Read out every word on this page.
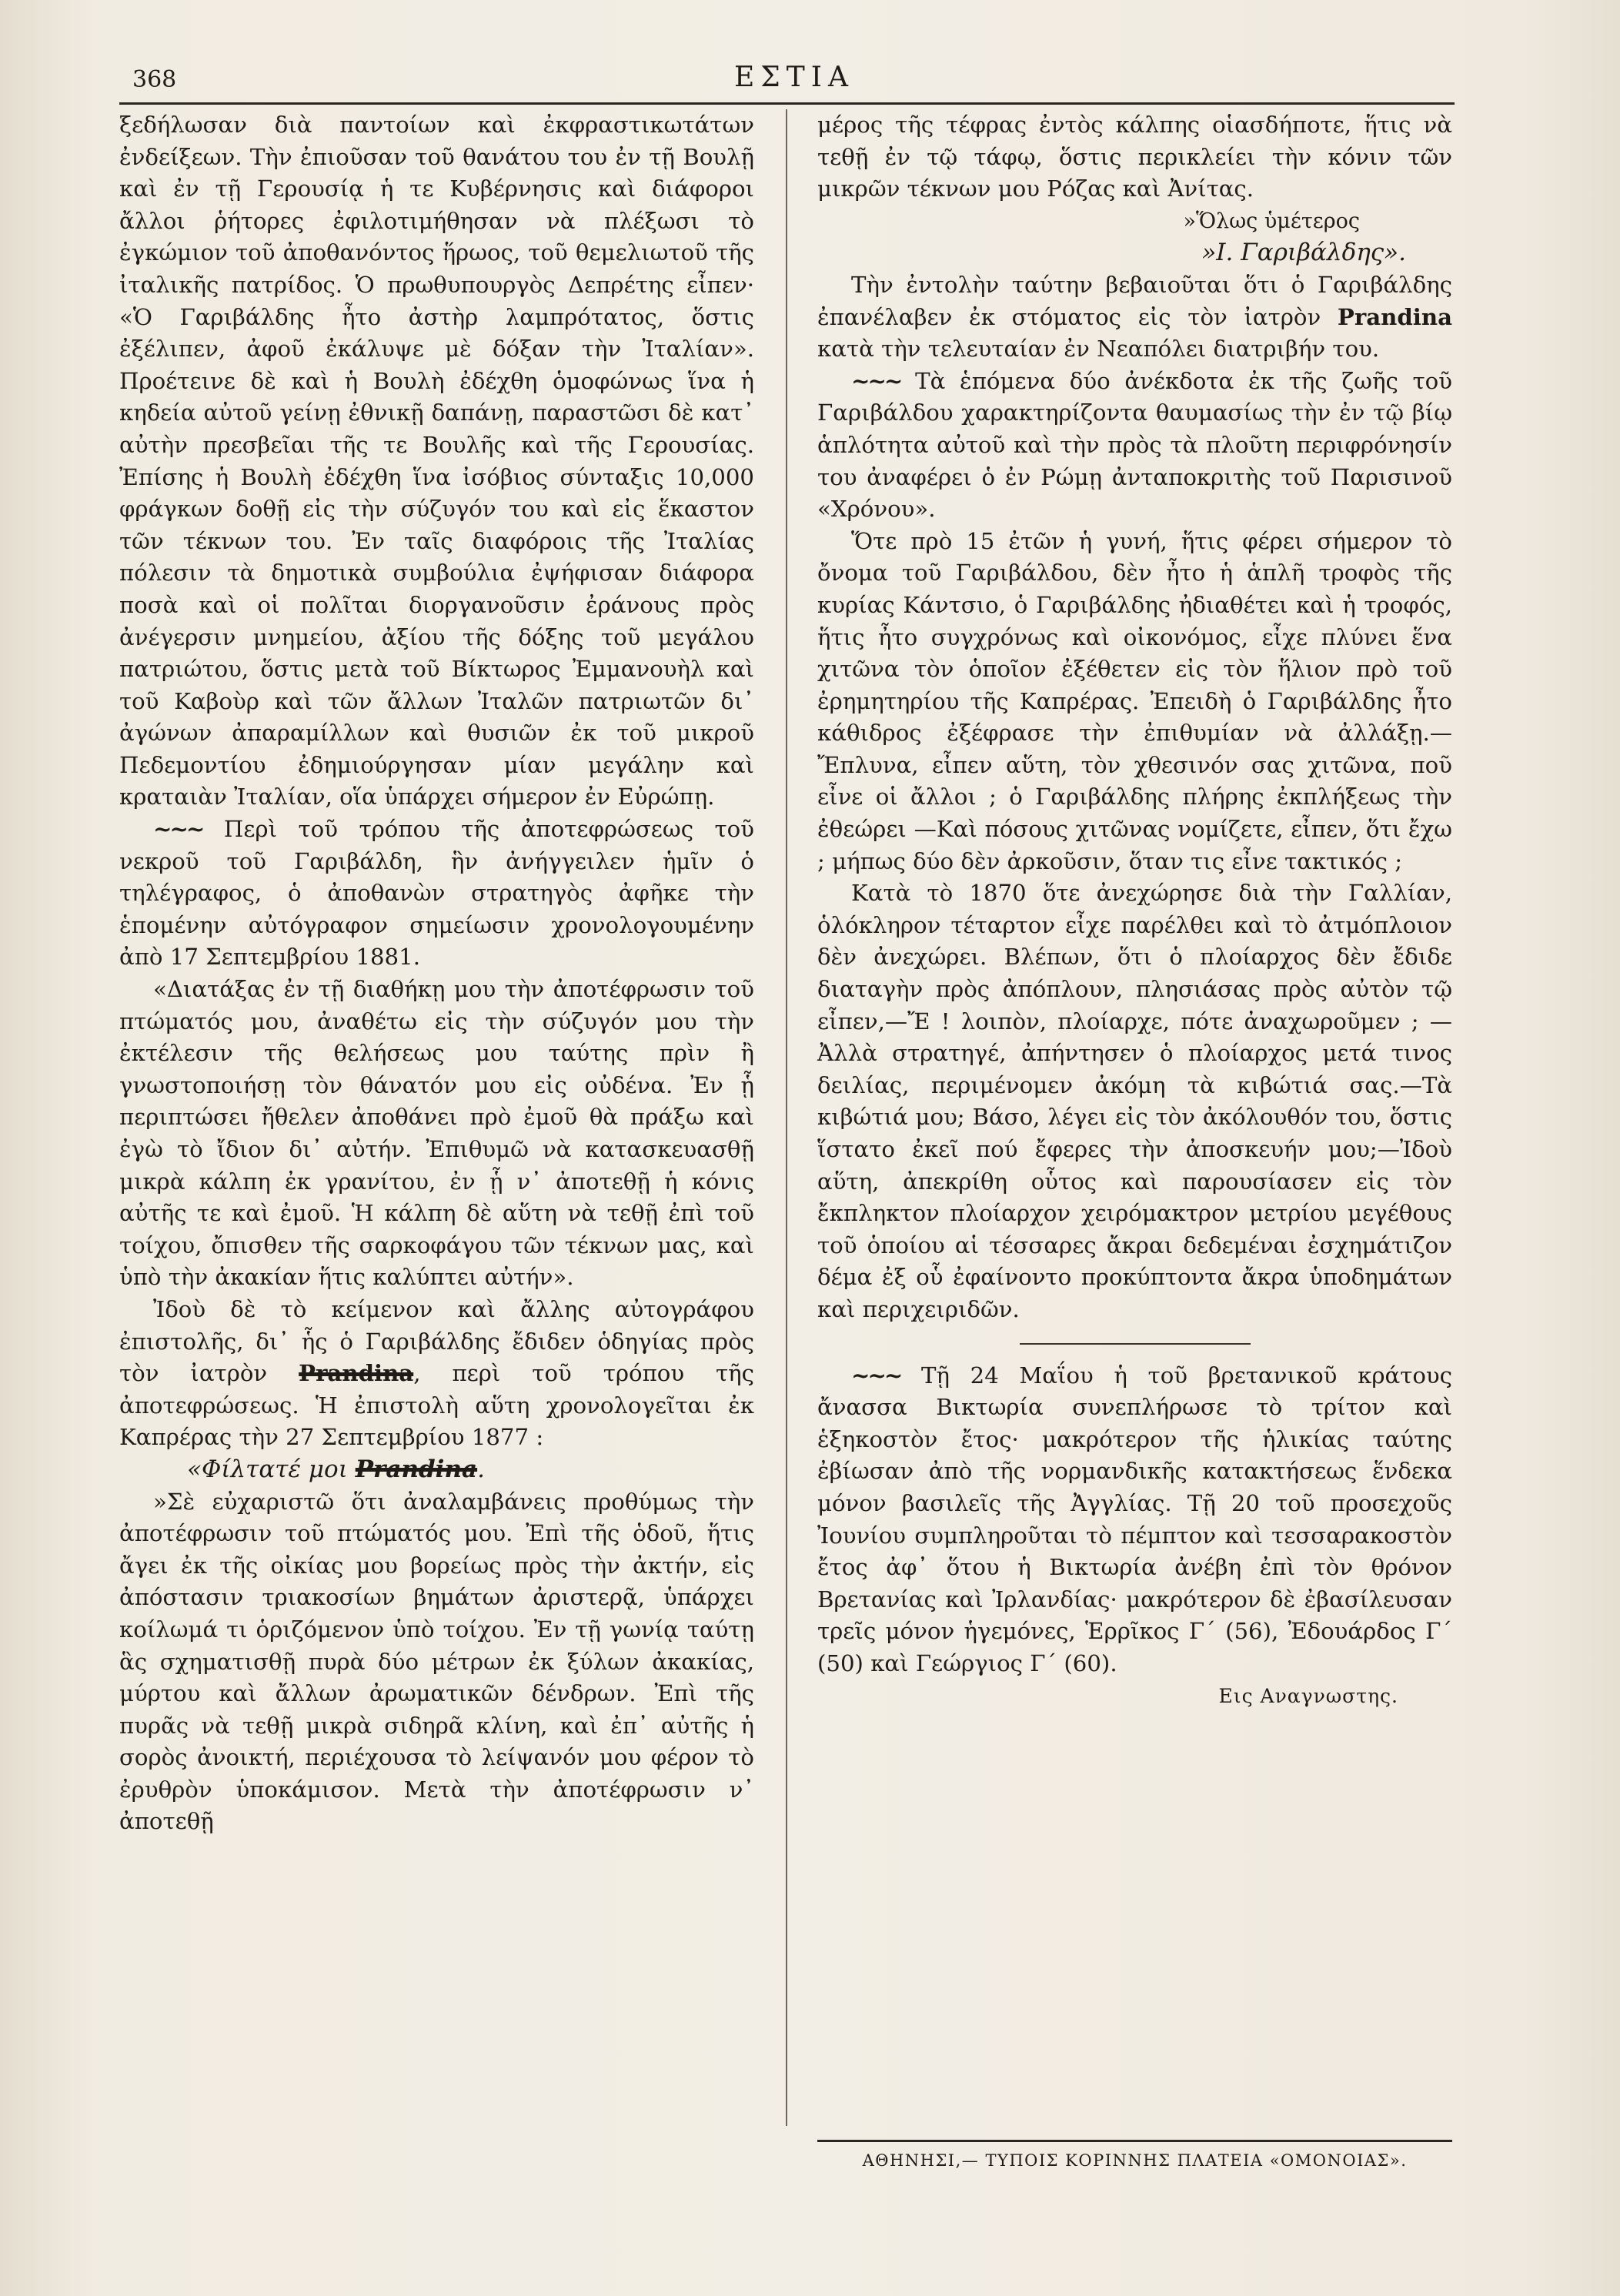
368	ΕΣΤΙΑ

ξεδήλωσαν διὰ παντοίων καὶ ἐκφραστικωτάτων ἐνδείξεων. Τὴν ἐπιοῦσαν τοῦ θανάτου του ἐν τῇ Βουλῇ καὶ ἐν τῇ Γερουσίᾳ ἡ τε Κυβέρνησις καὶ διάφοροι ἄλλοι ῥήτορες ἐφιλοτιμήθησαν νὰ πλέξωσι τὸ ἐγκώμιον τοῦ ἀποθανόντος ἥρωος, τοῦ θεμελιωτοῦ τῆς ἰταλικῆς πατρίδος. Ὁ πρωθυπουργὸς Δεπρέτης εἶπεν· «Ὁ Γαριβάλδης ἦτο ἀστὴρ λαμπρότατος, ὅστις ἐξέλιπεν, ἀφοῦ ἐκάλυψε μὲ δόξαν τὴν Ἰταλίαν». Προέτεινε δὲ καὶ ἡ Βουλὴ ἐδέχθη ὁμοφώνως ἵνα ἡ κηδεία αὐτοῦ γείνῃ ἐθνικῇ δαπάνῃ, παραστῶσι δὲ κατ᾽ αὐτὴν πρεσβεῖαι τῆς τε Βουλῆς καὶ τῆς Γερουσίας. Ἐπίσης ἡ Βουλὴ ἐδέχθη ἵνα ἰσόβιος σύνταξις 10,000 φράγκων δοθῇ εἰς τὴν σύζυγόν του καὶ εἰς ἕκαστον τῶν τέκνων του. Ἐν ταῖς διαφόροις τῆς Ἰταλίας πόλεσιν τὰ δημοτικὰ συμβούλια ἐψήφισαν διάφορα ποσὰ καὶ οἱ πολῖται διοργανοῦσιν ἐράνους πρὸς ἀνέγερσιν μνημείου, ἀξίου τῆς δόξης τοῦ μεγάλου πατριώτου, ὅστις μετὰ τοῦ Βίκτωρος Ἐμμανουὴλ καὶ τοῦ Καβοὺρ καὶ τῶν ἄλλων Ἰταλῶν πατριωτῶν δι᾽ ἀγώνων ἀπαραμίλλων καὶ θυσιῶν ἐκ τοῦ μικροῦ Πεδεμοντίου ἐδημιούργησαν μίαν μεγάλην καὶ κραταιὰν Ἰταλίαν, οἵα ὑπάρχει σήμερον ἐν Εὐρώπῃ.

~~~ Περὶ τοῦ τρόπου τῆς ἀποτεφρώσεως τοῦ νεκροῦ τοῦ Γαριβάλδη, ἣν ἀνήγγειλεν ἡμῖν ὁ τηλέγραφος, ὁ ἀποθανὼν στρατηγὸς ἀφῆκε τὴν ἑπομένην αὐτόγραφον σημείωσιν χρονολογουμένην ἀπὸ 17 Σεπτεμβρίου 1881.

«Διατάξας ἐν τῇ διαθήκῃ μου τὴν ἀποτέφρωσιν τοῦ πτώματός μου, ἀναθέτω εἰς τὴν σύζυγόν μου τὴν ἐκτέλεσιν τῆς θελήσεως μου ταύτης πρὶν ἢ γνωστοποιήσῃ τὸν θάνατόν μου εἰς οὐδένα. Ἐν ᾗ περιπτώσει ἤθελεν ἀποθάνει πρὸ ἐμοῦ θὰ πράξω καὶ ἐγὼ τὸ ἴδιον δι᾽ αὐτήν. Ἐπιθυμῶ νὰ κατασκευασθῇ μικρὰ κάλπη ἐκ γρανίτου, ἐν ᾗ ν᾽ ἀποτεθῇ ἡ κόνις αὐτῆς τε καὶ ἐμοῦ. Ἡ κάλπη δὲ αὕτη νὰ τεθῇ ἐπὶ τοῦ τοίχου, ὄπισθεν τῆς σαρκοφάγου τῶν τέκνων μας, καὶ ὑπὸ τὴν ἀκακίαν ἥτις καλύπτει αὐτήν».

Ἰδοὺ δὲ τὸ κείμενον καὶ ἄλλης αὐτογράφου ἐπιστολῆς, δι᾽ ἧς ὁ Γαριβάλδης ἔδιδεν ὁδηγίας πρὸς τὸν ἰατρὸν Prandina, περὶ τοῦ τρόπου τῆς ἀποτεφρώσεως. Ἡ ἐπιστολὴ αὕτη χρονολογεῖται ἐκ Καπρέρας τὴν 27 Σεπτεμβρίου 1877 :

«Φίλτατέ μοι Prandina.

»Σὲ εὐχαριστῶ ὅτι ἀναλαμβάνεις προθύμως τὴν ἀποτέφρωσιν τοῦ πτώματός μου. Ἐπὶ τῆς ὁδοῦ, ἥτις ἄγει ἐκ τῆς οἰκίας μου βορείως πρὸς τὴν ἀκτήν, εἰς ἀπόστασιν τριακοσίων βημάτων ἀριστερᾷ, ὑπάρχει κοίλωμά τι ὁριζόμενον ὑπὸ τοίχου. Ἐν τῇ γωνίᾳ ταύτῃ ἃς σχηματισθῇ πυρὰ δύο μέτρων ἐκ ξύλων ἀκακίας, μύρτου καὶ ἄλλων ἀρωματικῶν δένδρων. Ἐπὶ τῆς πυρᾶς νὰ τεθῇ μικρὰ σιδηρᾶ κλίνη, καὶ ἐπ᾽ αὐτῆς ἡ σορὸς ἀνοικτή, περιέχουσα τὸ λείψανόν μου φέρον τὸ ἐρυθρὸν ὑποκάμισον. Μετὰ τὴν ἀποτέφρωσιν ν᾽ ἀποτεθῇ

μέρος τῆς τέφρας ἐντὸς κάλπης οἱασδήποτε, ἥτις νὰ τεθῇ ἐν τῷ τάφῳ, ὅστις περικλείει τὴν κόνιν τῶν μικρῶν τέκνων μου Ρόζας καὶ Ἀνίτας.

»Ὅλως ὑμέτερος

»Ι. Γαριβάλδης».

Τὴν ἐντολὴν ταύτην βεβαιοῦται ὅτι ὁ Γαριβάλδης ἐπανέλαβεν ἐκ στόματος εἰς τὸν ἰατρὸν Prandina κατὰ τὴν τελευταίαν ἐν Νεαπόλει διατριβήν του.

~~~ Τὰ ἑπόμενα δύο ἀνέκδοτα ἐκ τῆς ζωῆς τοῦ Γαριβάλδου χαρακτηρίζοντα θαυμασίως τὴν ἐν τῷ βίῳ ἁπλότητα αὐτοῦ καὶ τὴν πρὸς τὰ πλοῦτη περιφρόνησίν του ἀναφέρει ὁ ἐν Ρώμῃ ἀνταποκριτὴς τοῦ Παρισινοῦ «Χρόνου».

Ὅτε πρὸ 15 ἐτῶν ἡ γυνή, ἥτις φέρει σήμερον τὸ ὄνομα τοῦ Γαριβάλδου, δὲν ἦτο ἡ ἁπλῆ τροφὸς τῆς κυρίας Κάντσιο, ὁ Γαριβάλδης ἠδιαθέτει καὶ ἡ τροφός, ἥτις ἦτο συγχρόνως καὶ οἰκονόμος, εἶχε πλύνει ἕνα χιτῶνα τὸν ὁποῖον ἐξέθετεν εἰς τὸν ἥλιον πρὸ τοῦ ἐρημητηρίου τῆς Καπρέρας. Ἐπειδὴ ὁ Γαριβάλδης ἦτο κάθιδρος ἐξέφρασε τὴν ἐπιθυμίαν νὰ ἀλλάξῃ.—Ἔπλυνα, εἶπεν αὕτη, τὸν χθεσινόν σας χιτῶνα, ποῦ εἶνε οἱ ἄλλοι ; ὁ Γαριβάλδης πλήρης ἐκπλήξεως τὴν ἐθεώρει —Καὶ πόσους χιτῶνας νομίζετε, εἶπεν, ὅτι ἔχω ; μήπως δύο δὲν ἀρκοῦσιν, ὅταν τις εἶνε τακτικός ;

Κατὰ τὸ 1870 ὅτε ἀνεχώρησε διὰ τὴν Γαλλίαν, ὁλόκληρον τέταρτον εἶχε παρέλθει καὶ τὸ ἀτμόπλοιον δὲν ἀνεχώρει. Βλέπων, ὅτι ὁ πλοίαρχος δὲν ἔδιδε διαταγὴν πρὸς ἀπόπλουν, πλησιάσας πρὸς αὐτὸν τῷ εἶπεν,—Ἔ ! λοιπὸν, πλοίαρχε, πότε ἀναχωροῦμεν ; —Ἀλλὰ στρατηγέ, ἀπήντησεν ὁ πλοίαρχος μετά τινος δειλίας, περιμένομεν ἀκόμη τὰ κιβώτιά σας.—Τὰ κιβώτιά μου; Βάσο, λέγει εἰς τὸν ἀκόλουθόν του, ὅστις ἵστατο ἐκεῖ πού ἔφερες τὴν ἀποσκευήν μου;—Ἰδοὺ αὕτη, ἀπεκρίθη οὗτος καὶ παρουσίασεν εἰς τὸν ἔκπληκτον πλοίαρχον χειρόμακτρον μετρίου μεγέθους τοῦ ὁποίου αἱ τέσσαρες ἄκραι δεδεμέναι ἐσχημάτιζον δέμα ἐξ οὗ ἐφαίνοντο προκύπτοντα ἄκρα ὑποδημάτων καὶ περιχειριδῶν.

~~~ Τῇ 24 Μαΐου ἡ τοῦ βρετανικοῦ κράτους ἄνασσα Βικτωρία συνεπλήρωσε τὸ τρίτον καὶ ἑξηκοστὸν ἔτος· μακρότερον τῆς ἡλικίας ταύτης ἐβίωσαν ἀπὸ τῆς νορμανδικῆς κατακτήσεως ἕνδεκα μόνον βασιλεῖς τῆς Ἀγγλίας. Τῇ 20 τοῦ προσεχοῦς Ἰουνίου συμπληροῦται τὸ πέμπτον καὶ τεσσαρακοστὸν ἔτος ἀφ᾽ ὅτου ἡ Βικτωρία ἀνέβη ἐπὶ τὸν θρόνον Βρετανίας καὶ Ἰρλανδίας· μακρότερον δὲ ἐβασίλευσαν τρεῖς μόνον ἡγεμόνες, Ἑρρῖκος Γ´ (56), Ἐδουάρδος Γ´ (50) καὶ Γεώργιος Γ´ (60).

Εις Αναγνωστης.

ΑΘΗΝΗΣΙ,— ΤΥΠΟΙΣ ΚΟΡΙΝΝΗΣ ΠΛΑΤΕΙΑ «ΟΜΟΝΟΙΑΣ».
